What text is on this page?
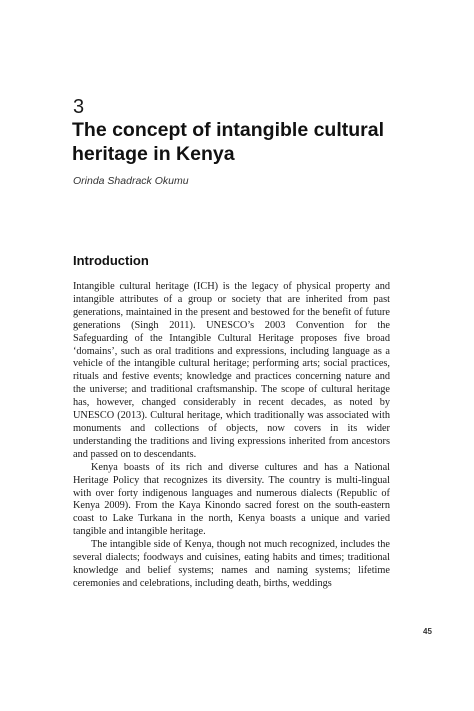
3
The concept of intangible cultural heritage in Kenya
Orinda Shadrack Okumu
Introduction

Intangible cultural heritage (ICH) is the legacy of physical property and intangible attributes of a group or society that are inherited from past generations, maintained in the present and bestowed for the benefit of future generations (Singh 2011). UNESCO’s 2003 Convention for the Safeguarding of the Intangible Cultural Heritage proposes five broad ‘domains’, such as oral traditions and expressions, including language as a vehicle of the intangible cultural heritage; performing arts; social practices, rituals and festive events; knowledge and practices concerning nature and the universe; and traditional craftsmanship. The scope of cultural heritage has, however, changed considerably in recent decades, as noted by UNESCO (2013). Cultural heritage, which traditionally was associated with monuments and collections of objects, now covers in its wider understanding the traditions and living expressions inherited from ancestors and passed on to descendants.

Kenya boasts of its rich and diverse cultures and has a National Heritage Policy that recognizes its diversity. The country is multi-lingual with over forty indigenous languages and numerous dialects (Republic of Kenya 2009). From the Kaya Kinondo sacred forest on the south-eastern coast to Lake Turkana in the north, Kenya boasts a unique and varied tangible and intangible heritage.

The intangible side of Kenya, though not much recognized, includes the several dialects; foodways and cuisines, eating habits and times; traditional knowledge and belief systems; names and naming systems; lifetime ceremonies and celebrations, including death, births, weddings

45
